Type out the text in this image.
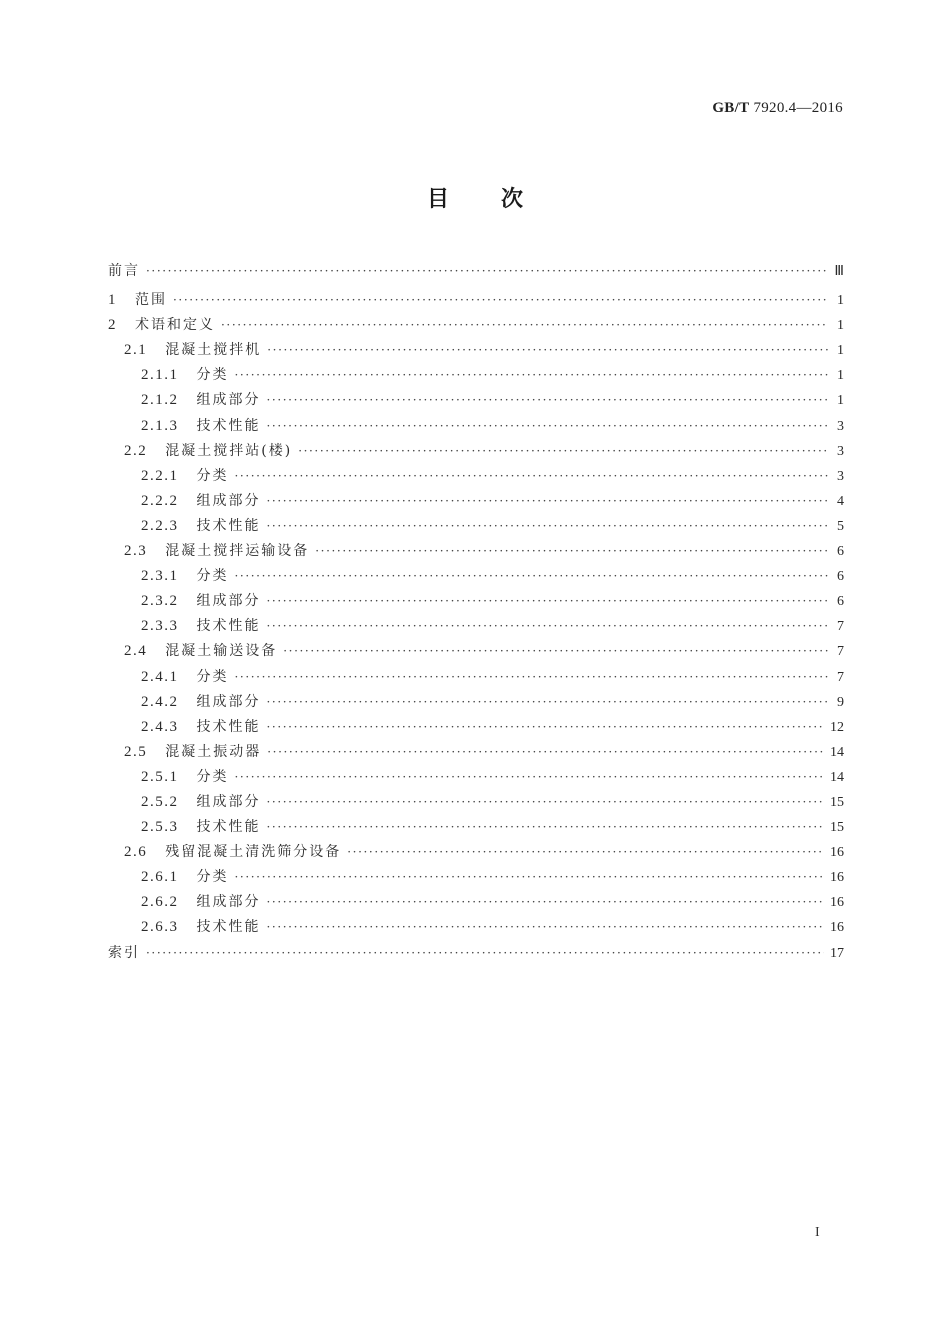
GB/T 7920.4—2016
目次
前言 ·····	Ⅲ
1 范围 ·····	1
2 术语和定义 ·····	1
2.1 混凝土搅拌机 ·····	1
2.1.1 分类 ·····	1
2.1.2 组成部分 ·····	1
2.1.3 技术性能 ·····	3
2.2 混凝土搅拌站(楼) ·····	3
2.2.1 分类 ·····	3
2.2.2 组成部分 ·····	4
2.2.3 技术性能 ·····	5
2.3 混凝土搅拌运输设备 ·····	6
2.3.1 分类 ·····	6
2.3.2 组成部分 ·····	6
2.3.3 技术性能 ·····	7
2.4 混凝土输送设备 ·····	7
2.4.1 分类 ·····	7
2.4.2 组成部分 ·····	9
2.4.3 技术性能 ·····	12
2.5 混凝土振动器 ·····	14
2.5.1 分类 ·····	14
2.5.2 组成部分 ·····	15
2.5.3 技术性能 ·····	15
2.6 残留混凝土清洗筛分设备 ·····	16
2.6.1 分类 ·····	16
2.6.2 组成部分 ·····	16
2.6.3 技术性能 ·····	16
索引 ·····	17
I
